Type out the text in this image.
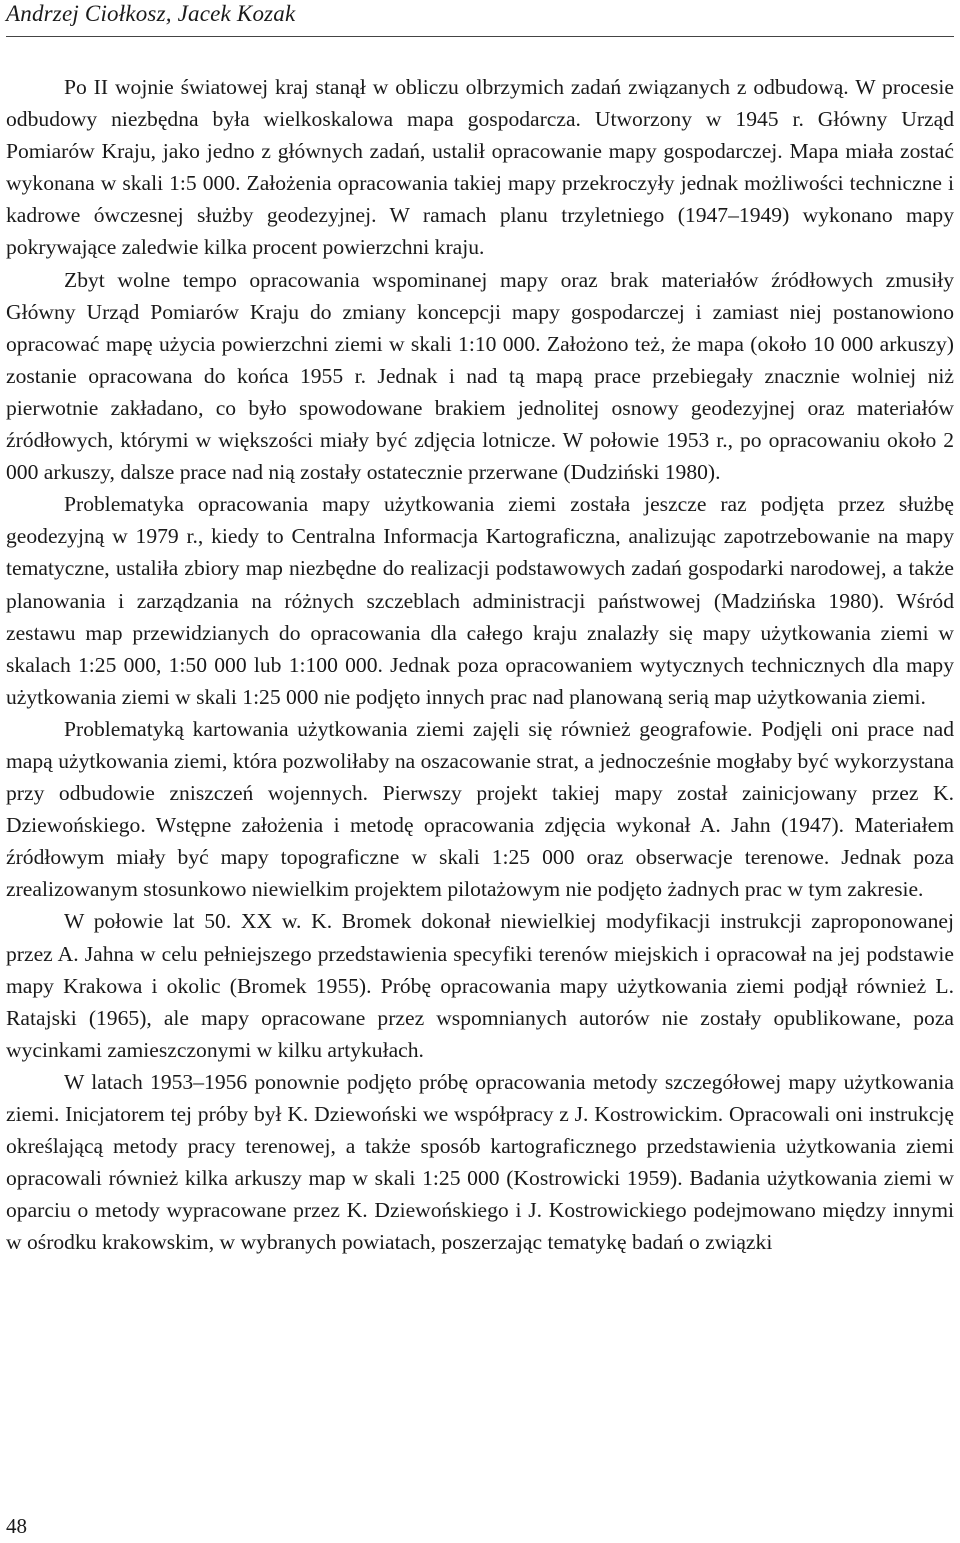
Andrzej Ciołkosz, Jacek Kozak

Po II wojnie światowej kraj stanął w obliczu olbrzymich zadań związanych z odbudową. W procesie odbudowy niezbędna była wielkoskalowa mapa gospodarcza. Utworzony w 1945 r. Główny Urząd Pomiarów Kraju, jako jedno z głównych zadań, ustalił opracowanie mapy gospodarczej. Mapa miała zostać wykonana w skali 1:5 000. Założenia opracowania takiej mapy przekroczyły jednak możliwości techniczne i kadrowe ówczesnej służby geodezyjnej. W ramach planu trzyletniego (1947–1949) wykonano mapy pokrywające zaledwie kilka procent powierzchni kraju.

Zbyt wolne tempo opracowania wspominanej mapy oraz brak materiałów źródłowych zmusiły Główny Urząd Pomiarów Kraju do zmiany koncepcji mapy gospodarczej i zamiast niej postanowiono opracować mapę użycia powierzchni ziemi w skali 1:10 000. Założono też, że mapa (około 10 000 arkuszy) zostanie opracowana do końca 1955 r. Jednak i nad tą mapą prace przebiegały znacznie wolniej niż pierwotnie zakładano, co było spowodowane brakiem jednolitej osnowy geodezyjnej oraz materiałów źródłowych, którymi w większości miały być zdjęcia lotnicze. W połowie 1953 r., po opracowaniu około 2 000 arkuszy, dalsze prace nad nią zostały ostatecznie przerwane (Dudziński 1980).

Problematyka opracowania mapy użytkowania ziemi została jeszcze raz podjęta przez służbę geodezyjną w 1979 r., kiedy to Centralna Informacja Kartograficzna, analizując zapotrzebowanie na mapy tematyczne, ustaliła zbiory map niezbędne do realizacji podstawowych zadań gospodarki narodowej, a także planowania i zarządzania na różnych szczeblach administracji państwowej (Madzińska 1980). Wśród zestawu map przewidzianych do opracowania dla całego kraju znalazły się mapy użytkowania ziemi w skalach 1:25 000, 1:50 000 lub 1:100 000. Jednak poza opracowaniem wytycznych technicznych dla mapy użytkowania ziemi w skali 1:25 000 nie podjęto innych prac nad planowaną serią map użytkowania ziemi.

Problematyką kartowania użytkowania ziemi zajęli się również geografowie. Podjęli oni prace nad mapą użytkowania ziemi, która pozwoliłaby na oszacowanie strat, a jednocześnie mogłaby być wykorzystana przy odbudowie zniszczeń wojennych. Pierwszy projekt takiej mapy został zainicjowany przez K. Dziewońskiego. Wstępne założenia i metodę opracowania zdjęcia wykonał A. Jahn (1947). Materiałem źródłowym miały być mapy topograficzne w skali 1:25 000 oraz obserwacje terenowe. Jednak poza zrealizowanym stosunkowo niewielkim projektem pilotażowym nie podjęto żadnych prac w tym zakresie.

W połowie lat 50. XX w. K. Bromek dokonał niewielkiej modyfikacji instrukcji zaproponowanej przez A. Jahna w celu pełniejszego przedstawienia specyfiki terenów miejskich i opracował na jej podstawie mapy Krakowa i okolic (Bromek 1955). Próbę opracowania mapy użytkowania ziemi podjął również L. Ratajski (1965), ale mapy opracowane przez wspomnianych autorów nie zostały opublikowane, poza wycinkami zamieszczonymi w kilku artykułach.

W latach 1953–1956 ponownie podjęto próbę opracowania metody szczegółowej mapy użytkowania ziemi. Inicjatorem tej próby był K. Dziewoński we współpracy z J. Kostrowickim. Opracowali oni instrukcję określającą metody pracy terenowej, a także sposób kartograficznego przedstawienia użytkowania ziemi opracowali również kilka arkuszy map w skali 1:25 000 (Kostrowicki 1959). Badania użytkowania ziemi w oparciu o metody wypracowane przez K. Dziewońskiego i J. Kostrowickiego podejmowano między innymi w ośrodku krakowskim, w wybranych powiatach, poszerzając tematykę badań o związki

48
